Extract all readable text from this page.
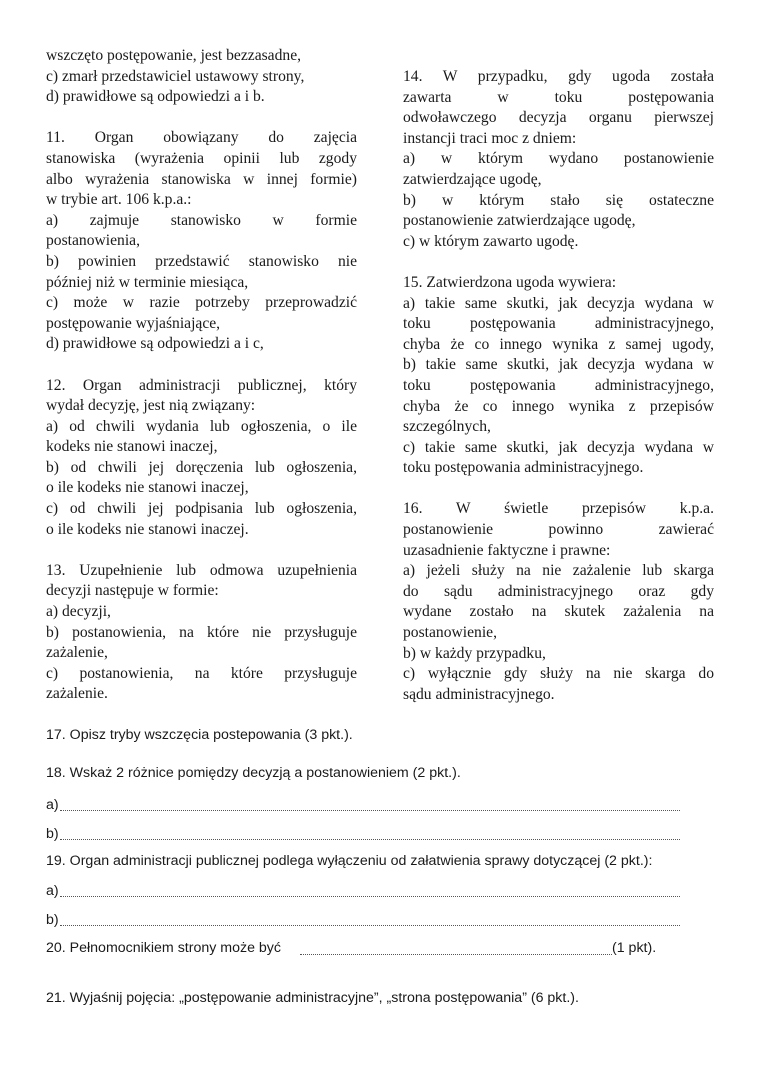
wszczęto postępowanie, jest bezzasadne,
c) zmarł przedstawiciel ustawowy strony,
d) prawidłowe są odpowiedzi a i b.
11. Organ obowiązany do zajęcia
stanowiska (wyrażenia opinii lub zgody
albo wyrażenia stanowiska w innej formie)
w trybie art. 106 k.p.a.:
a) zajmuje stanowisko w formie
postanowienia,
b) powinien przedstawić stanowisko nie
później niż w terminie miesiąca,
c) może w razie potrzeby przeprowadzić
postępowanie wyjaśniające,
d) prawidłowe są odpowiedzi a i c,
12. Organ administracji publicznej, który
wydał decyzję, jest nią związany:
a) od chwili wydania lub ogłoszenia, o ile
kodeks nie stanowi inaczej,
b) od chwili jej doręczenia lub ogłoszenia,
o ile kodeks nie stanowi inaczej,
c) od chwili jej podpisania lub ogłoszenia,
o ile kodeks nie stanowi inaczej.
13. Uzupełnienie lub odmowa uzupełnienia
decyzji następuje w formie:
a) decyzji,
b) postanowienia, na które nie przysługuje
zażalenie,
c) postanowienia, na które przysługuje
zażalenie.
14. W przypadku, gdy ugoda została
zawarta w toku postępowania
odwoławczego decyzja organu pierwszej
instancji traci moc z dniem:
a) w którym wydano postanowienie
zatwierdzające ugodę,
b) w którym stało się ostateczne
postanowienie zatwierdzające ugodę,
c) w którym zawarto ugodę.
15. Zatwierdzona ugoda wywiera:
a) takie same skutki, jak decyzja wydana w
toku postępowania administracyjnego,
chyba że co innego wynika z samej ugody,
b) takie same skutki, jak decyzja wydana w
toku postępowania administracyjnego,
chyba że co innego wynika z przepisów
szczególnych,
c) takie same skutki, jak decyzja wydana w
toku postępowania administracyjnego.
16. W świetle przepisów k.p.a.
postanowienie powinno zawierać
uzasadnienie faktyczne i prawne:
a) jeżeli służy na nie zażalenie lub skarga
do sądu administracyjnego oraz gdy
wydane zostało na skutek zażalenia na
postanowienie,
b) w każdy przypadku,
c) wyłącznie gdy służy na nie skarga do
sądu administracyjnego.
17. Opisz tryby wszczęcia postepowania (3 pkt.).
18. Wskaż 2 różnice pomiędzy decyzją a postanowieniem (2 pkt.).
a)
b)
19. Organ administracji publicznej podlega wyłączeniu od załatwienia sprawy dotyczącej (2 pkt.):
a)
b)
20. Pełnomocnikiem strony może być	(1 pkt).
21. Wyjaśnij pojęcia: „postępowanie administracyjne”, „strona postępowania” (6 pkt.).
